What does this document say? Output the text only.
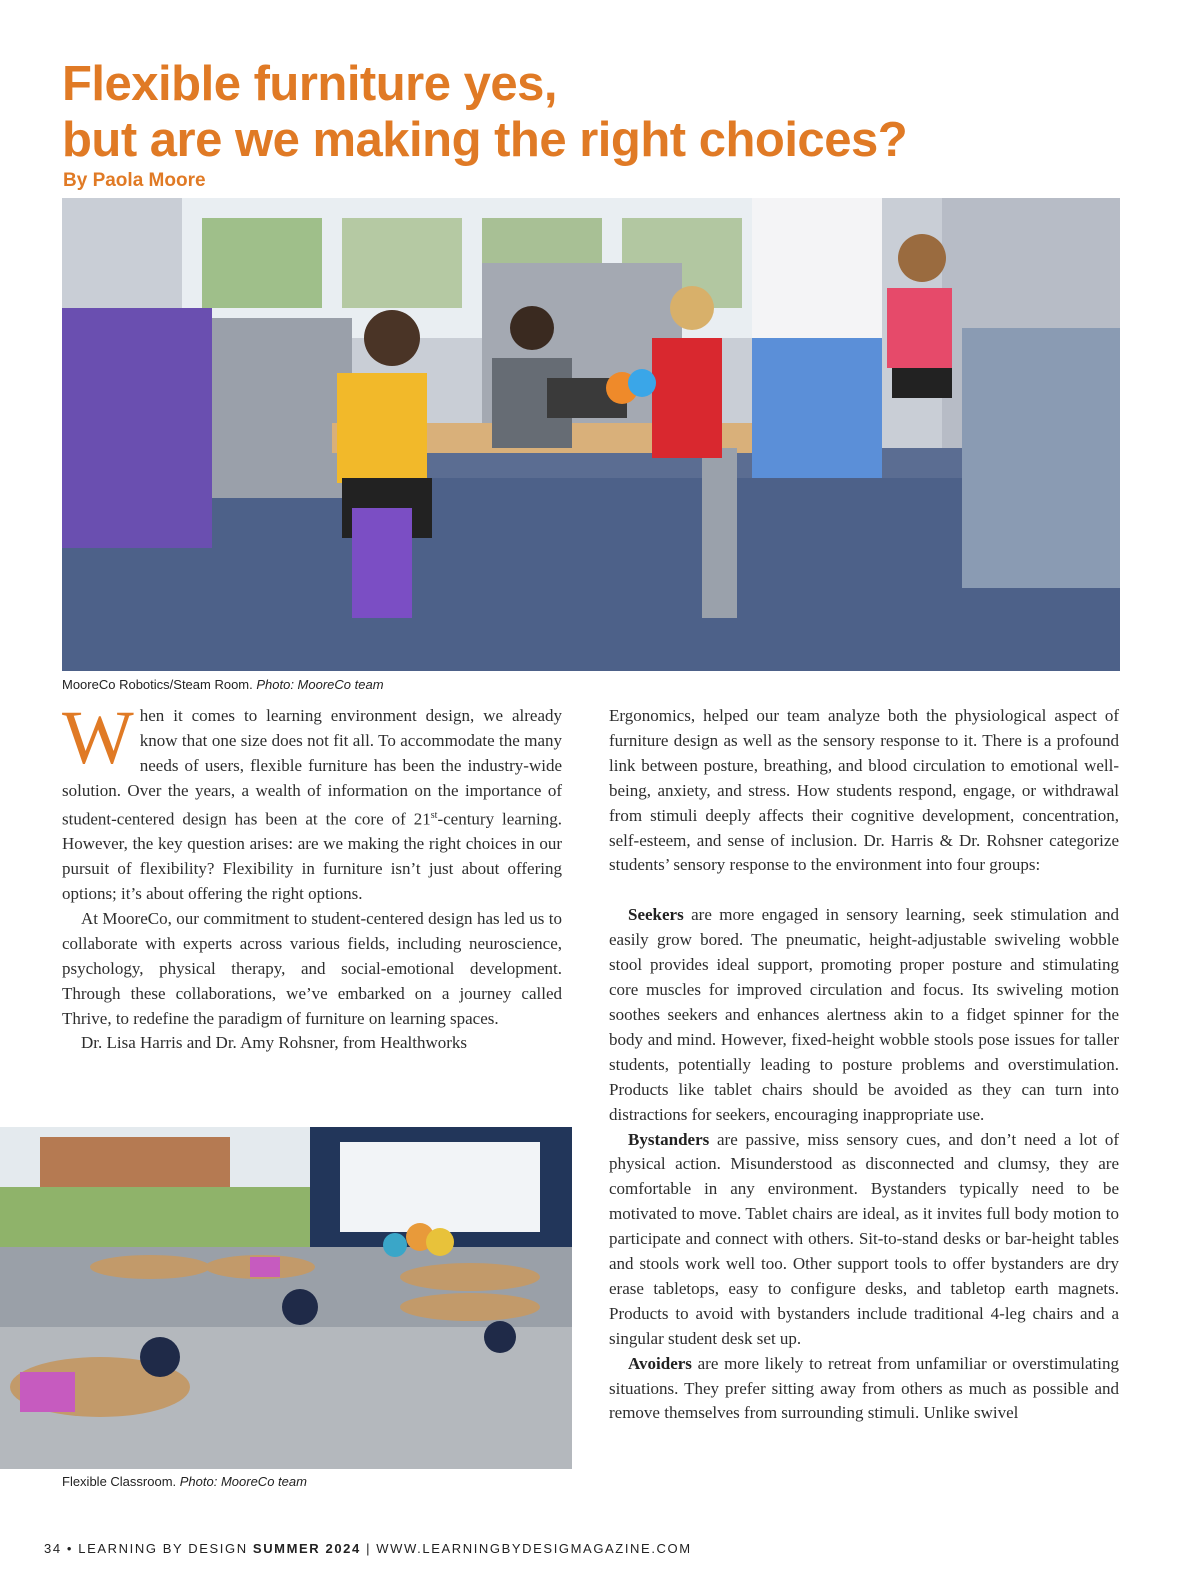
Flexible furniture yes,
but are we making the right choices?
By Paola Moore
MooreCo Robotics/Steam Room. Photo: MooreCo team
Flexible Classroom. Photo: MooreCo team

When it comes to learning environment design, we already know that one size does not fit all. To accommodate the many needs of users, flexible furniture has been the industry-wide solution. Over the years, a wealth of information on the importance of student-centered design has been at the core of 21st-century learning. However, the key question arises: are we making the right choices in our pursuit of flexibility? Flexibility in furniture isn’t just about offering options; it’s about offering the right options.

At MooreCo, our commitment to student-centered design has led us to collaborate with experts across various fields, including neuroscience, psychology, physical therapy, and social-emotional development. Through these collaborations, we’ve embarked on a journey called Thrive, to redefine the paradigm of furniture on learning spaces.

Dr. Lisa Harris and Dr. Amy Rohsner, from Healthworks

Ergonomics, helped our team analyze both the physiological aspect of furniture design as well as the sensory response to it. There is a profound link between posture, breathing, and blood circulation to emotional well-being, anxiety, and stress. How students respond, engage, or withdrawal from stimuli deeply affects their cognitive development, concentration, self-esteem, and sense of inclusion. Dr. Harris & Dr. Rohsner categorize students’ sensory response to the environment into four groups:

Seekers are more engaged in sensory learning, seek stimulation and easily grow bored. The pneumatic, height-adjustable swiveling wobble stool provides ideal support, promoting proper posture and stimulating core muscles for improved circulation and focus. Its swiveling motion soothes seekers and enhances alertness akin to a fidget spinner for the body and mind. However, fixed-height wobble stools pose issues for taller students, potentially leading to posture problems and overstimulation. Products like tablet chairs should be avoided as they can turn into distractions for seekers, encouraging inappropriate use.

Bystanders are passive, miss sensory cues, and don’t need a lot of physical action. Misunderstood as disconnected and clumsy, they are comfortable in any environment. Bystanders typically need to be motivated to move. Tablet chairs are ideal, as it invites full body motion to participate and connect with others. Sit-to-stand desks or bar-height tables and stools work well too. Other support tools to offer bystanders are dry erase tabletops, easy to configure desks, and tabletop earth magnets. Products to avoid with bystanders include traditional 4-leg chairs and a singular student desk set up.

Avoiders are more likely to retreat from unfamiliar or overstimulating situations. They prefer sitting away from others as much as possible and remove themselves from surrounding stimuli. Unlike swivel

34 • LEARNING BY DESIGN SUMMER 2024 | WWW.LEARNINGBYDESIGMAGAZINE.COM
